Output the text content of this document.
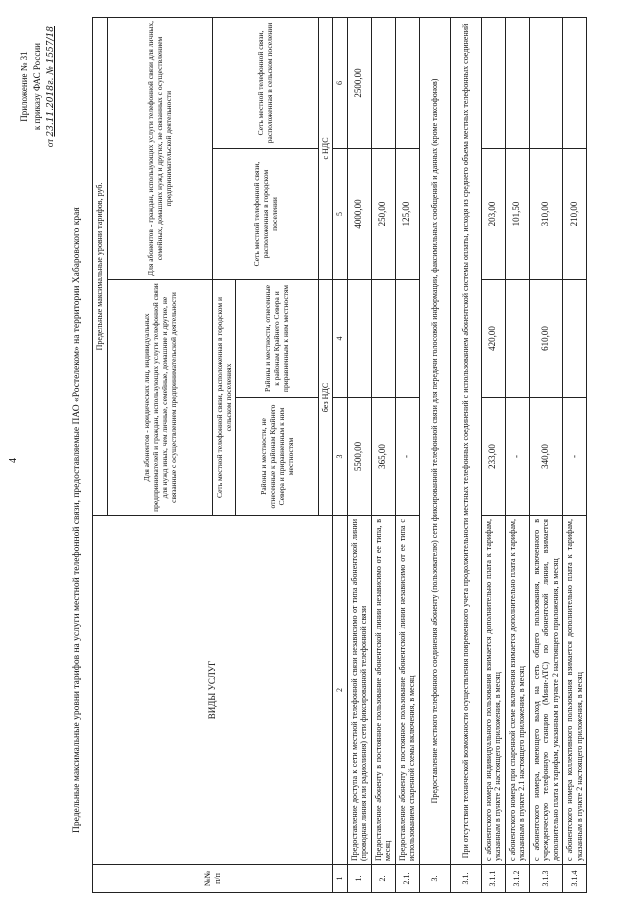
4
Приложение № 31 к приказу ФАС России
от 23.11.2018г. № 1557/18
Предельные максимальные уровни тарифов на услуги местной телефонной связи, предоставляемые ПАО «Ростелеком» на территории Хабаровского края
№№ п/п	ВИДЫ УСЛУГ	Предельные максимальные уровни тарифов, руб.			
		Для абонентов - юридических лиц, индивидуальных предпринимателей и граждан, использующих услуги телефонной связи для нужд иных, чем личные, семейные, домашние и другие, не связанные с осуществлением предпринимательской деятельности		Для абонентов - граждан, использующих услуги телефонной связи для личных, семейных, домашних нужд и других, не связанных с осуществлением предпринимательской деятельности	
		Сеть местной телефонной связи, расположенная в городском и сельском поселениях		Сеть местной телефонной связи, расположенная в городском поселении	Сеть местной телефонной связи, расположенная в сельском поселении
		Районы и местности, не отнесенные к районам Крайнего Севера и приравненным к ним местностям	Районы и местности, отнесенные к районам Крайнего Севера и приравненным к ним местностям		
		без НДС		с НДС	
1	2	3	4	5	6
1.	Предоставление доступа к сети местной телефонной связи независимо от типа абонентской линии (проводная линия или радиолиния) сети фиксированной телефонной связи	5500,00		4000,00	2500,00
2.	Предоставление абоненту в постоянное пользование абонентской линии независимо от ее типа, в месяц	365,00		250,00	
2.1.	Предоставление абоненту в постоянное пользование абонентской линии независимо от ее типа с использованием спаренной схемы включения, в месяц	-		125,00	
3.	Предоставление местного телефонного соединения абоненту (пользователю) сети фиксированной телефонной связи для передачи голосовой информации, факсимильных сообщений и данных (кроме таксофонов)				
3.1.	При отсутствии технической возможности осуществления повременного учета продолжительности местных телефонных соединений с использованием абонентской системы оплаты, исходя из среднего объема местных телефонных соединений				
3.1.1	с абонентского номера индивидуального пользования взимается дополнительно плата к тарифам, указанным в пункте 2 настоящего приложения, в месяц	233,00	420,00	203,00	
3.1.2	с абонентского номера при спаренной схеме включения взимается дополнительно плата к тарифам, указанным в пункте 2.1 настоящего приложения, в месяц	-		101,50	
3.1.3	с абонентского номера, имеющего выход на сеть общего пользования, включенного в учрежденческую телефонную станцию (Мини-АТС) по абонентской линии, взимается дополнительно плата к тарифам, указанным в пункте 2 настоящего приложения, в месяц	340,00	610,00	310,00	
3.1.4	с абонентского номера коллективного пользования взимается дополнительно плата к тарифам, указанным в пункте 2 настоящего приложения, в месяц	-		210,00	
